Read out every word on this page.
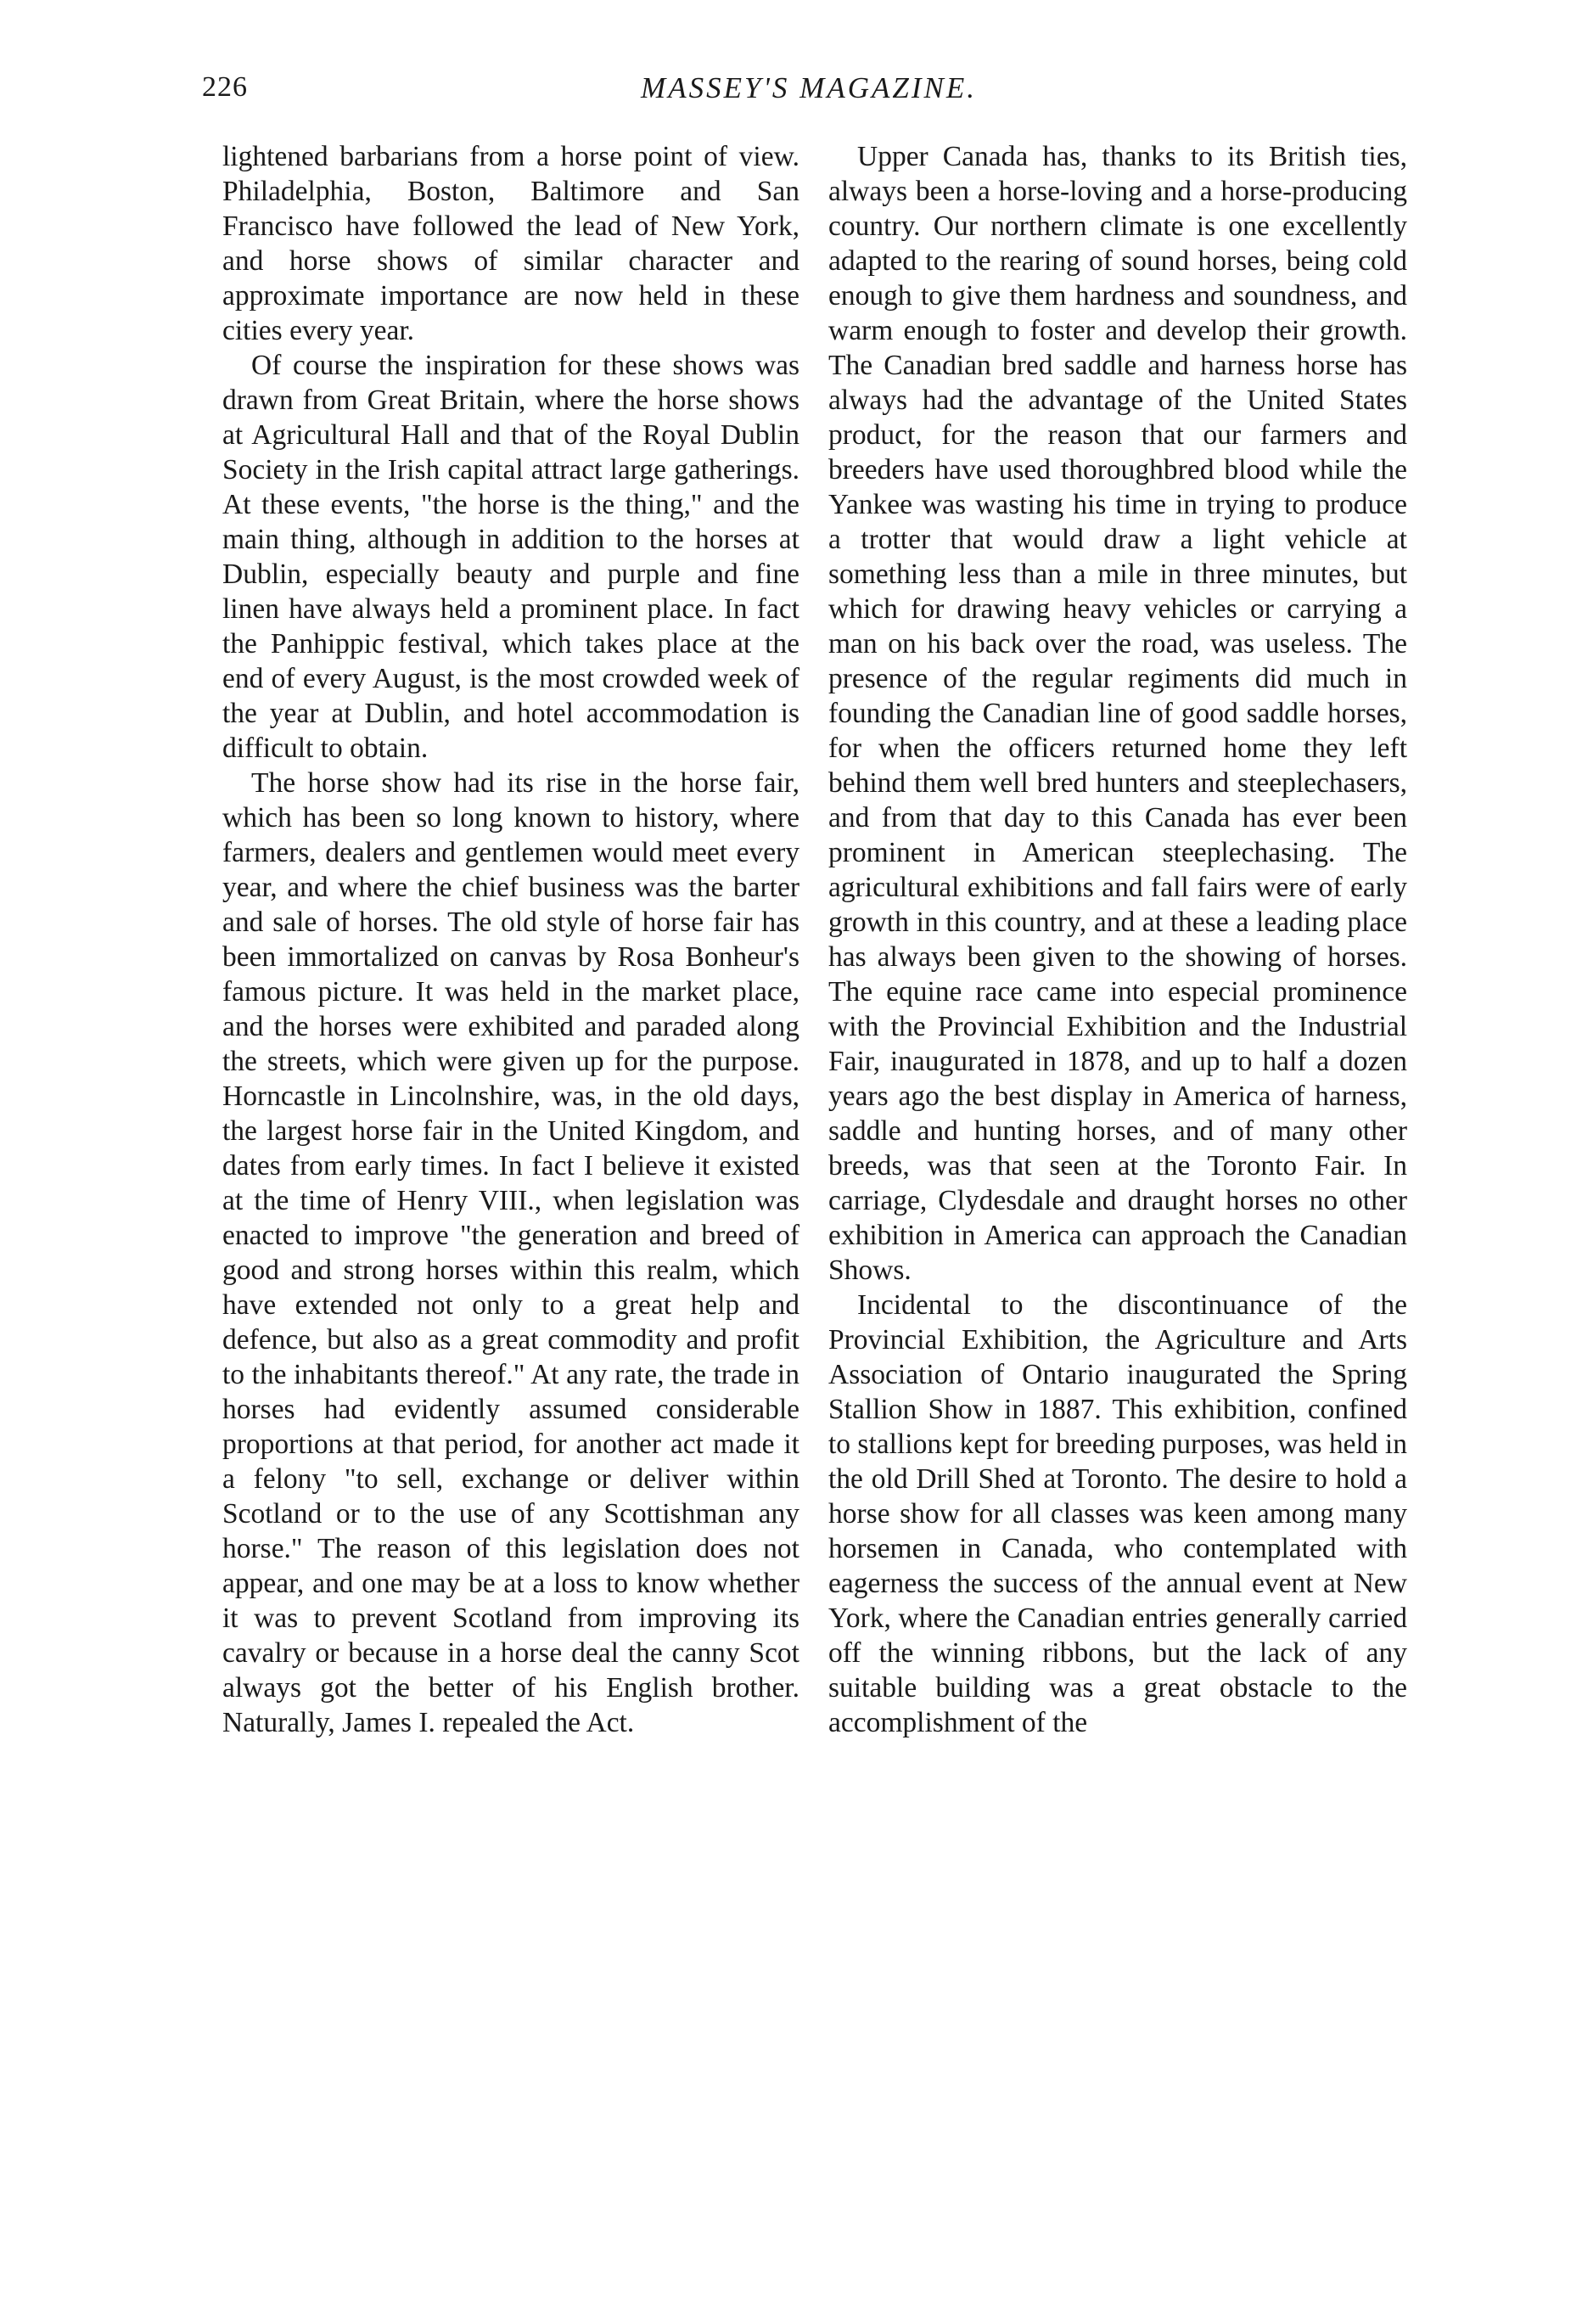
226	MASSEY'S MAGAZINE.

lightened barbarians from a horse point of view. Philadelphia, Boston, Baltimore and San Francisco have followed the lead of New York, and horse shows of similar character and approximate importance are now held in these cities every year.

Of course the inspiration for these shows was drawn from Great Britain, where the horse shows at Agricultural Hall and that of the Royal Dublin Society in the Irish capital attract large gatherings. At these events, "the horse is the thing," and the main thing, although in addition to the horses at Dublin, especially beauty and purple and fine linen have always held a prominent place. In fact the Panhippic festival, which takes place at the end of every August, is the most crowded week of the year at Dublin, and hotel accommodation is difficult to obtain.

The horse show had its rise in the horse fair, which has been so long known to history, where farmers, dealers and gentlemen would meet every year, and where the chief business was the barter and sale of horses. The old style of horse fair has been immortalized on canvas by Rosa Bonheur's famous picture. It was held in the market place, and the horses were exhibited and paraded along the streets, which were given up for the purpose. Horncastle in Lincolnshire, was, in the old days, the largest horse fair in the United Kingdom, and dates from early times. In fact I believe it existed at the time of Henry VIII., when legislation was enacted to improve "the generation and breed of good and strong horses within this realm, which have extended not only to a great help and defence, but also as a great commodity and profit to the inhabitants thereof." At any rate, the trade in horses had evidently assumed considerable proportions at that period, for another act made it a felony "to sell, exchange or deliver within Scotland or to the use of any Scottishman any horse." The reason of this legislation does not appear, and one may be at a loss to know whether it was to prevent Scotland from improving its cavalry or because in a horse deal the canny Scot always got the better of his English brother. Naturally, James I. repealed the Act.

Upper Canada has, thanks to its British ties, always been a horse-loving and a horse-producing country. Our northern climate is one excellently adapted to the rearing of sound horses, being cold enough to give them hardness and soundness, and warm enough to foster and develop their growth. The Canadian bred saddle and harness horse has always had the advantage of the United States product, for the reason that our farmers and breeders have used thoroughbred blood while the Yankee was wasting his time in trying to produce a trotter that would draw a light vehicle at something less than a mile in three minutes, but which for drawing heavy vehicles or carrying a man on his back over the road, was useless. The presence of the regular regiments did much in founding the Canadian line of good saddle horses, for when the officers returned home they left behind them well bred hunters and steeplechasers, and from that day to this Canada has ever been prominent in American steeplechasing. The agricultural exhibitions and fall fairs were of early growth in this country, and at these a leading place has always been given to the showing of horses. The equine race came into especial prominence with the Provincial Exhibition and the Industrial Fair, inaugurated in 1878, and up to half a dozen years ago the best display in America of harness, saddle and hunting horses, and of many other breeds, was that seen at the Toronto Fair. In carriage, Clydesdale and draught horses no other exhibition in America can approach the Canadian Shows.

Incidental to the discontinuance of the Provincial Exhibition, the Agriculture and Arts Association of Ontario inaugurated the Spring Stallion Show in 1887. This exhibition, confined to stallions kept for breeding purposes, was held in the old Drill Shed at Toronto. The desire to hold a horse show for all classes was keen among many horsemen in Canada, who contemplated with eagerness the success of the annual event at New York, where the Canadian entries generally carried off the winning ribbons, but the lack of any suitable building was a great obstacle to the accomplishment of the
